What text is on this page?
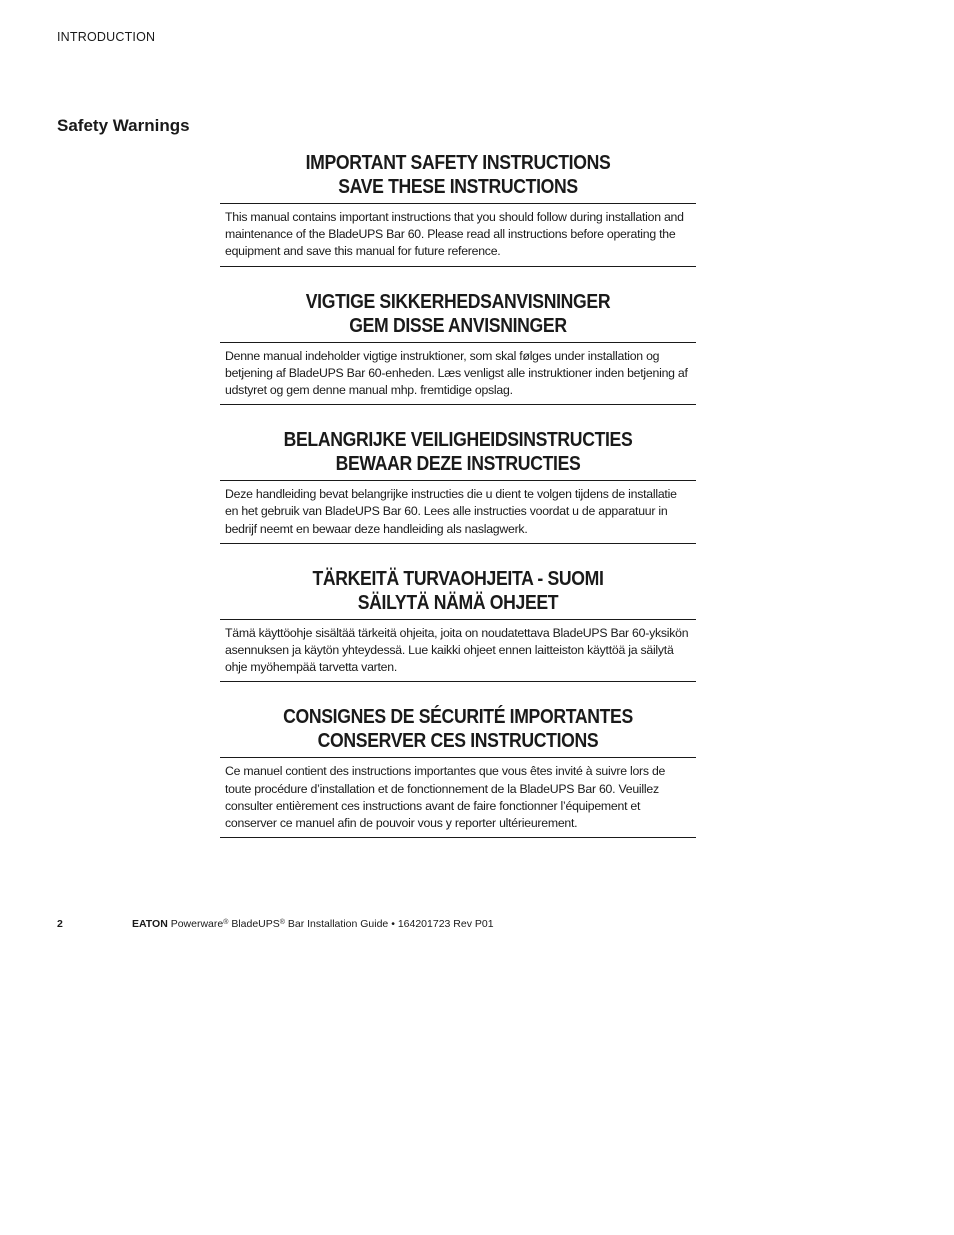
INTRODUCTION
Safety Warnings
IMPORTANT SAFETY INSTRUCTIONS
SAVE THESE INSTRUCTIONS

This manual contains important instructions that you should follow during installation and maintenance of the BladeUPS Bar 60. Please read all instructions before operating the equipment and save this manual for future reference.

VIGTIGE SIKKERHEDSANVISNINGER
GEM DISSE ANVISNINGER

Denne manual indeholder vigtige instruktioner, som skal følges under installation og betjening af BladeUPS Bar 60-enheden. Læs venligst alle instruktioner inden betjening af udstyret og gem denne manual mhp. fremtidige opslag.

BELANGRIJKE VEILIGHEIDSINSTRUCTIES
BEWAAR DEZE INSTRUCTIES

Deze handleiding bevat belangrijke instructies die u dient te volgen tijdens de installatie en het gebruik van BladeUPS Bar 60. Lees alle instructies voordat u de apparatuur in bedrijf neemt en bewaar deze handleiding als naslagwerk.

TÄRKEITÄ TURVAOHJEITA - SUOMI
SÄILYTÄ NÄMÄ OHJEET

Tämä käyttöohje sisältää tärkeitä ohjeita, joita on noudatettava BladeUPS Bar 60-yksikön asennuksen ja käytön yhteydessä. Lue kaikki ohjeet ennen laitteiston käyttöä ja säilytä ohje myöhempää tarvetta varten.

CONSIGNES DE SÉCURITÉ IMPORTANTES
CONSERVER CES INSTRUCTIONS

Ce manuel contient des instructions importantes que vous êtes invité à suivre lors de toute procédure d’installation et de fonctionnement de la BladeUPS Bar 60. Veuillez consulter entièrement ces instructions avant de faire fonctionner l’équipement et conserver ce manuel afin de pouvoir vous y reporter ultérieurement.

2	EATON Powerware® BladeUPS® Bar Installation Guide • 164201723 Rev P01
